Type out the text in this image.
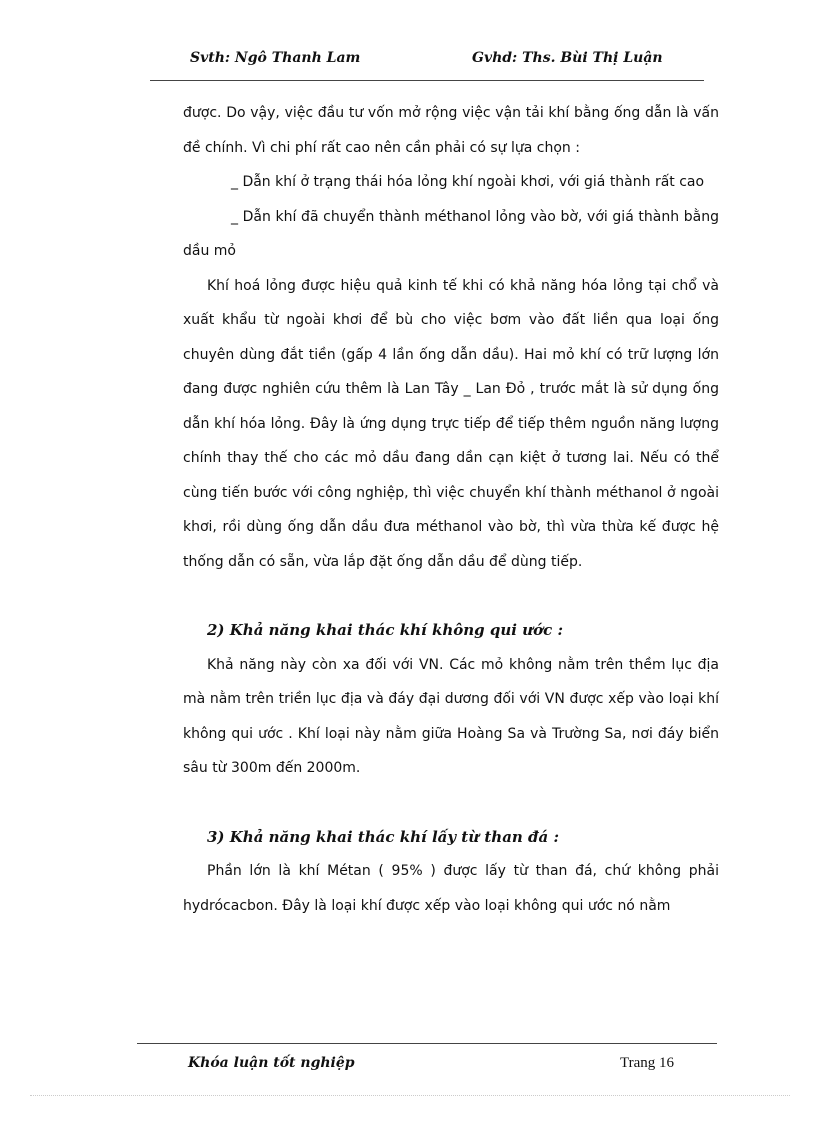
Svth: Ngô Thanh Lam	Gvhd: Ths. Bùi Thị Luận

được. Do vậy, việc đầu tư vốn mở rộng việc vận tải khí bằng ống dẫn là vấn đề chính. Vì chi phí rất cao nên cần phải có sự lựa chọn :

_ Dẫn khí ở trạng thái hóa lỏng khí ngoài khơi, với giá thành rất cao

_ Dẫn khí đã chuyển thành méthanol lỏng vào bờ, với giá thành bằng dầu mỏ

Khí hoá lỏng được hiệu quả kinh tế khi có khả năng hóa lỏng tại chổ và xuất khẩu từ ngoài khơi để bù cho việc bơm vào đất liền qua loại ống chuyên dùng đắt tiền (gấp 4 lần ống dẫn dầu). Hai mỏ khí có trữ lượng lớn đang được nghiên cứu thêm là Lan Tây _ Lan Đỏ , trước mắt là sử dụng ống dẫn khí hóa lỏng. Đây là ứng dụng trực tiếp để tiếp thêm nguồn năng lượng chính thay thế cho các mỏ dầu đang dần cạn kiệt ở tương lai. Nếu có thể cùng tiến bước với công nghiệp, thì việc chuyển khí thành méthanol ở ngoài khơi, rồi dùng ống dẫn dầu đưa méthanol vào bờ, thì vừa thừa kế được hệ thống dẫn có sẵn, vừa lắp đặt ống dẫn dầu để dùng tiếp.

2) Khả năng khai thác khí không qui ước :

Khả năng này còn xa đối với VN. Các mỏ không nằm trên thềm lục địa mà nằm trên triền lục địa và đáy đại dương đối với VN được xếp vào loại khí không qui ước . Khí loại này nằm giữa Hoàng Sa và Trường Sa, nơi đáy biển sâu từ 300m đến 2000m.

3) Khả năng khai thác khí lấy từ than đá :

Phần lớn là khí Métan ( 95% ) được lấy từ than đá, chứ không phải hydrócacbon. Đây là loại khí được xếp vào loại không qui ước nó nằm

Khóa luận tốt nghiệp	Trang 16
